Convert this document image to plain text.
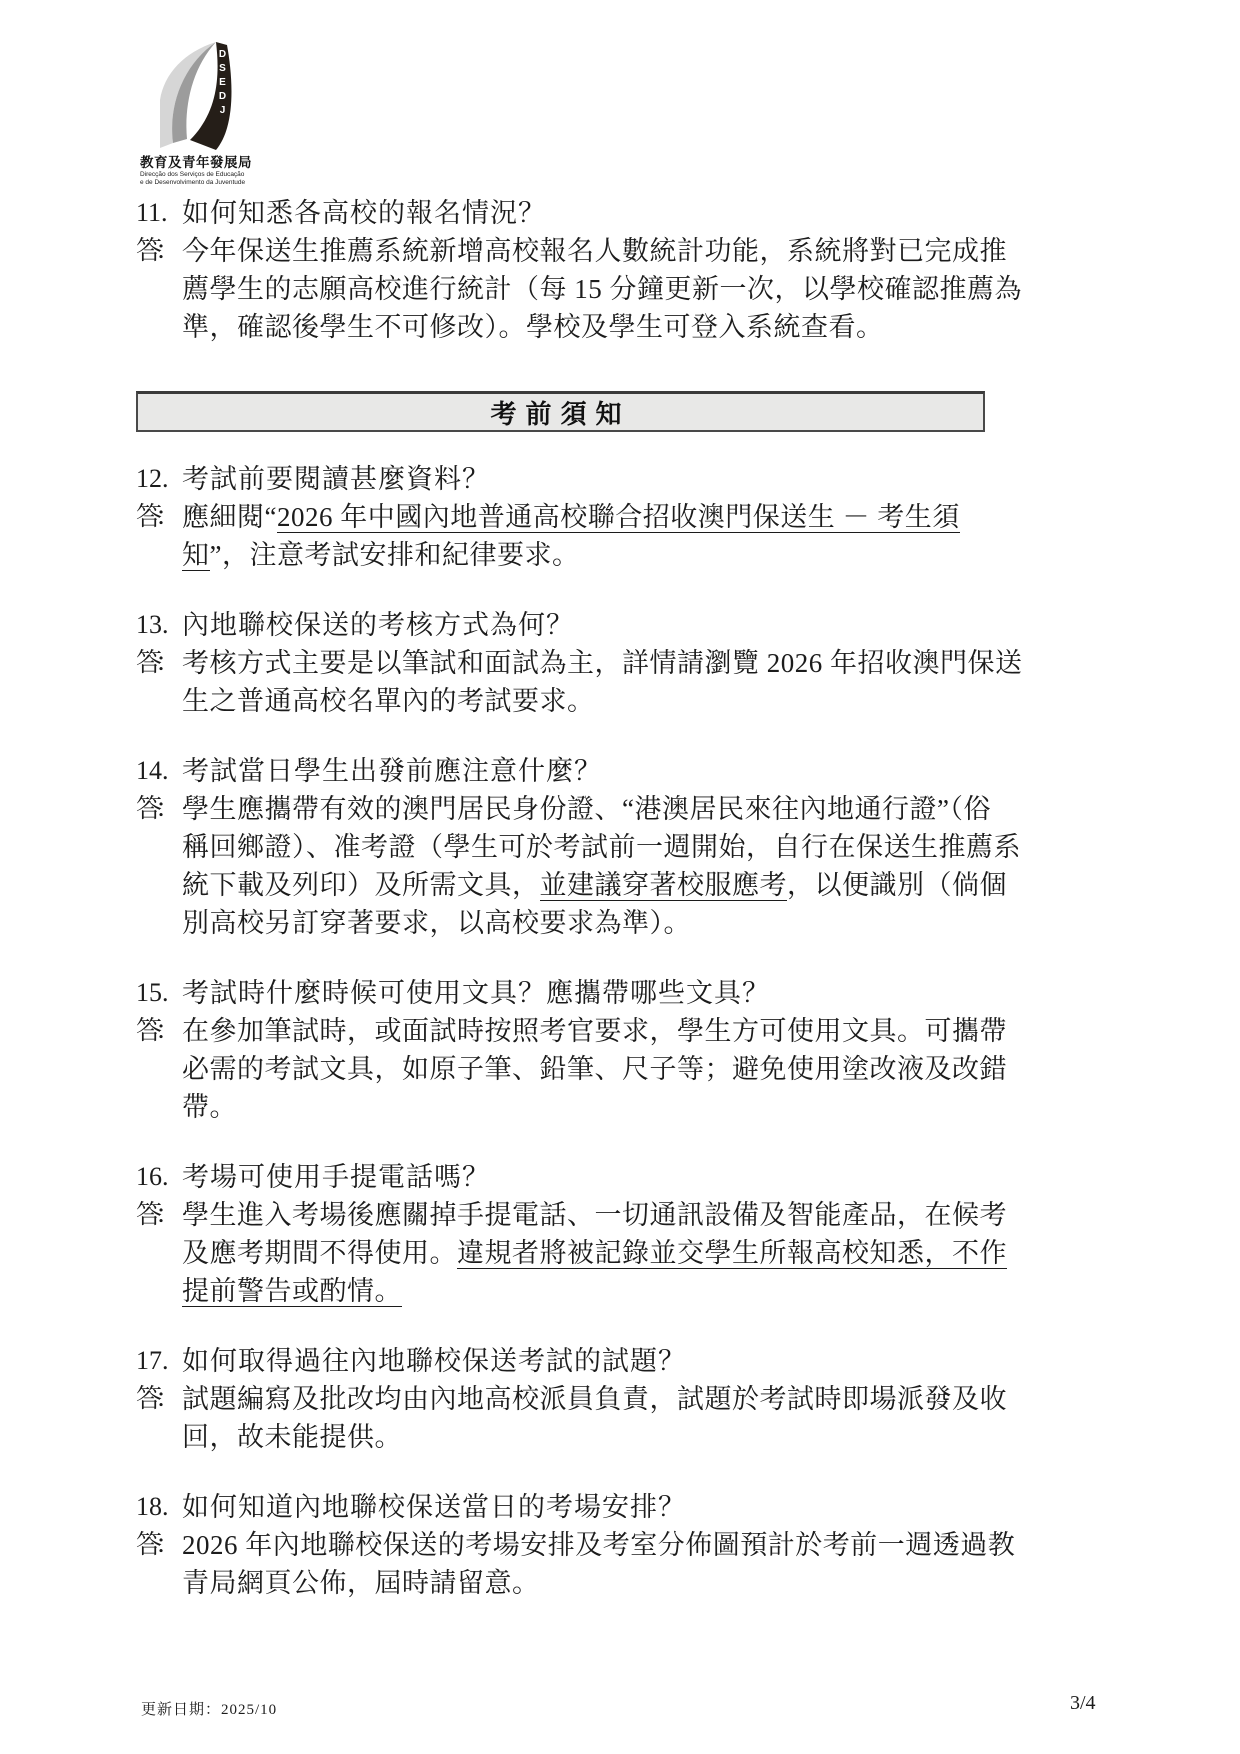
DSEDJ
教育及青年發展局
Direcção dos Serviços de Educação
e de Desenvolvimento da Juventude
11. 如何知悉各高校的報名情況？
答： 今年保送生推薦系統新增高校報名人數統計功能，系統將對已完成推
薦學生的志願高校進行統計（每 15 分鐘更新一次，以學校確認推薦為
準，確認後學生不可修改）。學校及學生可登入系統查看。
考前須知
12. 考試前要閱讀甚麼資料？
答： 應細閱“2026 年中國內地普通高校聯合招收澳門保送生 － 考生須
知”，注意考試安排和紀律要求。
13. 內地聯校保送的考核方式為何？
答： 考核方式主要是以筆試和面試為主，詳情請瀏覽 2026 年招收澳門保送
生之普通高校名單內的考試要求。
14. 考試當日學生出發前應注意什麼？
答： 學生應攜帶有效的澳門居民身份證、“港澳居民來往內地通行證”（俗
稱回鄉證）、准考證（學生可於考試前一週開始，自行在保送生推薦系
統下載及列印）及所需文具，並建議穿著校服應考，以便識別（倘個
別高校另訂穿著要求，以高校要求為準）。
15. 考試時什麼時候可使用文具？應攜帶哪些文具？
答： 在參加筆試時，或面試時按照考官要求，學生方可使用文具。可攜帶
必需的考試文具，如原子筆、鉛筆、尺子等；避免使用塗改液及改錯
帶。
16. 考場可使用手提電話嗎？
答： 學生進入考場後應關掉手提電話、一切通訊設備及智能產品，在候考
及應考期間不得使用。違規者將被記錄並交學生所報高校知悉，不作
提前警告或酌情。
17. 如何取得過往內地聯校保送考試的試題？
答： 試題編寫及批改均由內地高校派員負責，試題於考試時即場派發及收
回，故未能提供。
18. 如何知道內地聯校保送當日的考場安排？
答： 2026 年內地聯校保送的考場安排及考室分佈圖預計於考前一週透過教
青局網頁公佈，屆時請留意。
更新日期：2025/10	3/4
